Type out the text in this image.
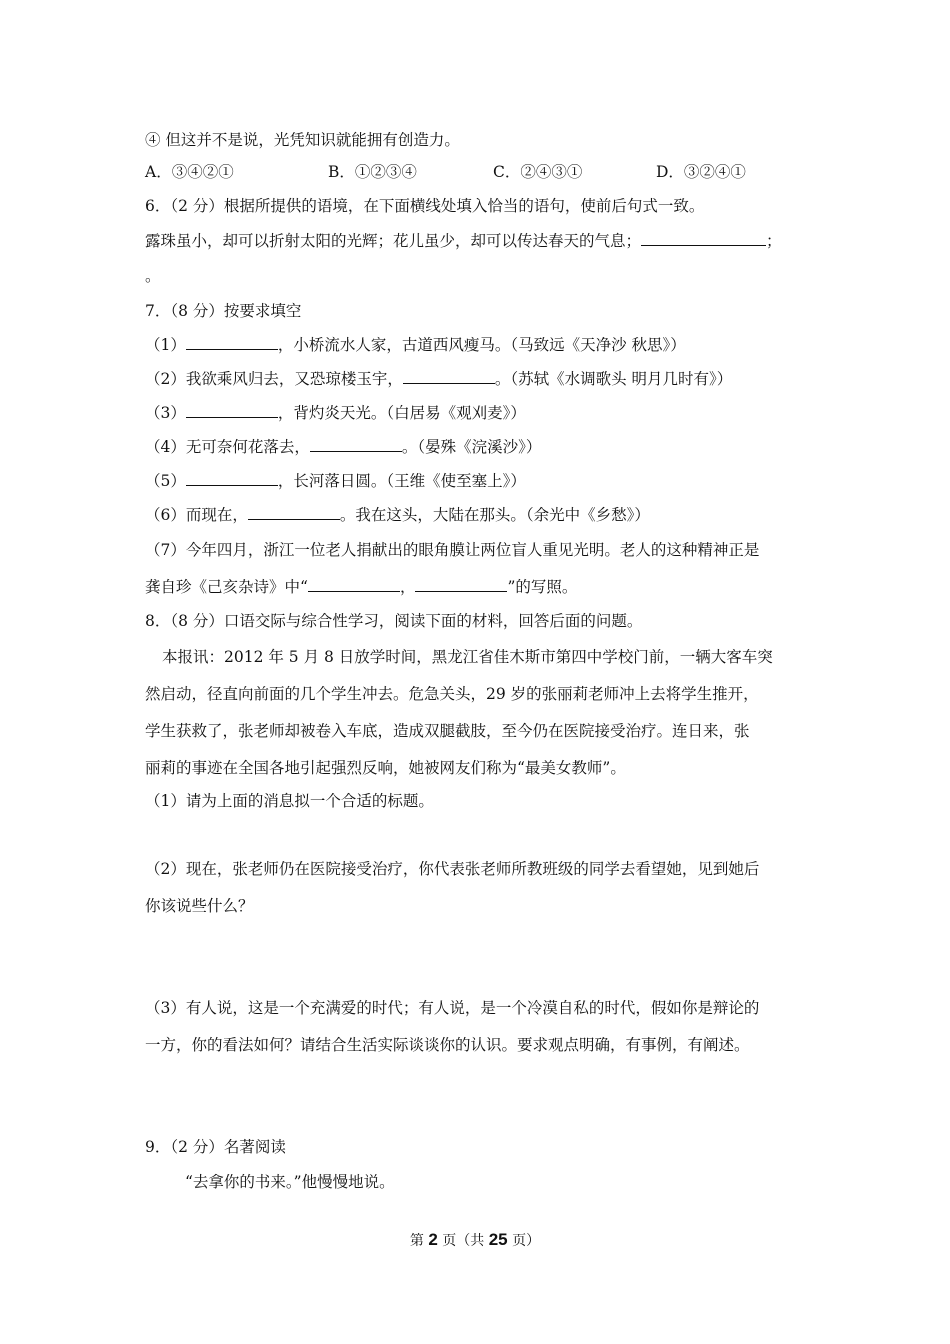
④ 但这并不是说，光凭知识就能拥有创造力。
A．③④②①	B．①②③④	C．②④③①	D．③②④①
6．（2 分）根据所提供的语境，在下面横线处填入恰当的语句，使前后句式一致。
露珠虽小，却可以折射太阳的光辉；花儿虽少，却可以传达春天的气息；	；
。
7．（8 分）按要求填空
（1）	，小桥流水人家，古道西风瘦马。（马致远《天净沙 秋思》）
（2）我欲乘风归去，又恐琼楼玉宇，	。（苏轼《水调歌头 明月几时有》）
（3）	，背灼炎天光。（白居易《观刈麦》）
（4）无可奈何花落去，	。（晏殊《浣溪沙》）
（5）	，长河落日圆。（王维《使至塞上》）
（6）而现在，	。我在这头，大陆在那头。（余光中《乡愁》）
（7）今年四月，浙江一位老人捐献出的眼角膜让两位盲人重见光明。老人的这种精神正是
龚自珍《己亥杂诗》中“	，	”的写照。
8．（8 分）口语交际与综合性学习，阅读下面的材料，回答后面的问题。
本报讯：2012 年 5 月 8 日放学时间，黑龙江省佳木斯市第四中学校门前，一辆大客车突
然启动，径直向前面的几个学生冲去。危急关头，29 岁的张丽莉老师冲上去将学生推开，
学生获救了，张老师却被卷入车底，造成双腿截肢，至今仍在医院接受治疗。连日来，张
丽莉的事迹在全国各地引起强烈反响，她被网友们称为“最美女教师”。
（1）请为上面的消息拟一个合适的标题。
（2）现在，张老师仍在医院接受治疗，你代表张老师所教班级的同学去看望她，见到她后
你该说些什么？
（3）有人说，这是一个充满爱的时代；有人说，是一个冷漠自私的时代，假如你是辩论的
一方，你的看法如何？请结合生活实际谈谈你的认识。要求观点明确，有事例，有阐述。
9．（2 分）名著阅读
“去拿你的书来。”他慢慢地说。
第 2 页（共 25 页）
